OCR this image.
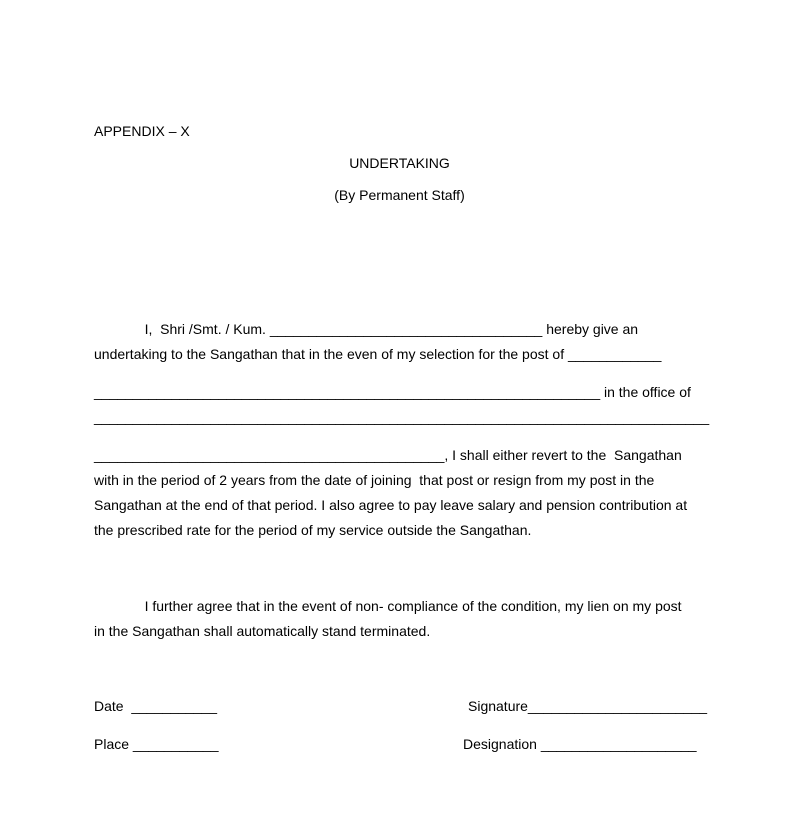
APPENDIX – X

UNDERTAKING

(By Permanent Staff)

I,  Shri /Smt. / Kum. ___________________________________ hereby give an

undertaking to the Sangathan that in the even of my selection for the post of ____________

_________________________________________________________________ in the office of

_______________________________________________________________________________

_____________________________________________, I shall either revert to the  Sangathan

with in the period of 2 years from the date of joining  that post or resign from my post in the

Sangathan at the end of that period. I also agree to pay leave salary and pension contribution at

the prescribed rate for the period of my service outside the Sangathan.

I further agree that in the event of non- compliance of the condition, my lien on my post

in the Sangathan shall automatically stand terminated.

Date  ___________

Place ___________

Signature_______________________

Designation ____________________
